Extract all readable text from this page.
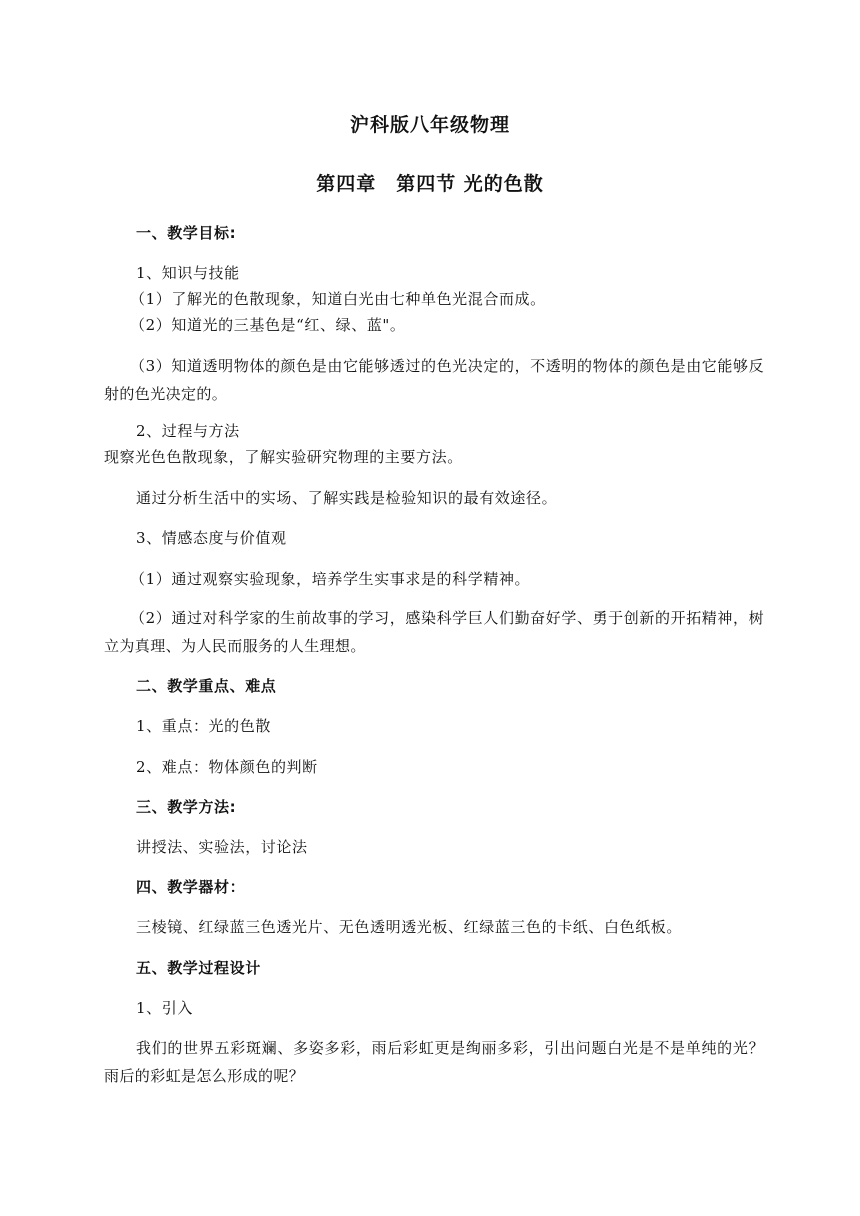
沪科版八年级物理
第四章　第四节 光的色散
一、教学目标:
1、知识与技能
（1）了解光的色散现象，知道白光由七种单色光混合而成。
（2）知道光的三基色是“红、绿、蓝"。
（3）知道透明物体的颜色是由它能够透过的色光决定的，不透明的物体的颜色是由它能够反射的色光决定的。
2、过程与方法
现察光色色散现象，了解实验研究物理的主要方法。
通过分析生活中的实场、了解实践是检验知识的最有效途径。
3、情感态度与价值观
（1）通过观察实验现象，培养学生实事求是的科学精神。
（2）通过对科学家的生前故事的学习，感染科学巨人们勤奋好学、勇于创新的开拓精神，树立为真理、为人民而服务的人生理想。
二、教学重点、难点
1、重点：光的色散
2、难点：物体颜色的判断
三、教学方法:
讲授法、实验法，讨论法
四、教学器材：
三棱镜、红绿蓝三色透光片、无色透明透光板、红绿蓝三色的卡纸、白色纸板。
五、教学过程设计
1、引入
我们的世界五彩斑斓、多姿多彩，雨后彩虹更是绚丽多彩，引出问题白光是不是单纯的光？雨后的彩虹是怎么形成的呢？
